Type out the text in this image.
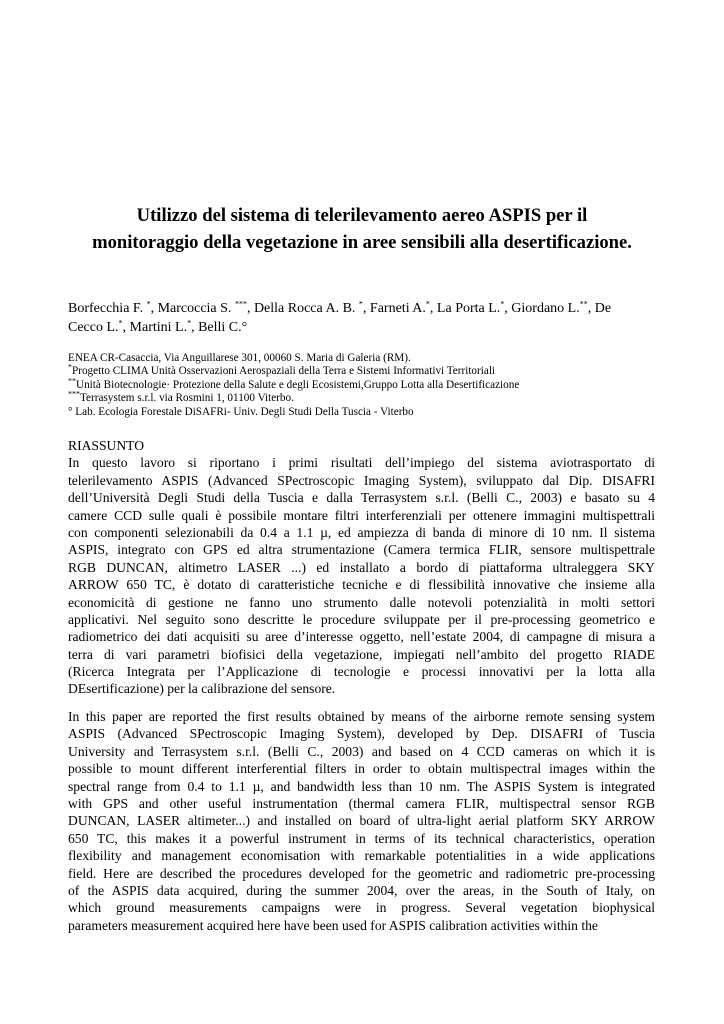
Utilizzo del sistema di telerilevamento aereo ASPIS per il
monitoraggio della vegetazione in aree sensibili alla desertificazione.
Borfecchia F. *, Marcoccia S. ***, Della Rocca A. B. *, Farneti A.*, La Porta L.*, Giordano L.**, De
Cecco L.*, Martini L.*, Belli C.°
ENEA CR-Casaccia, Via Anguillarese 301, 00060 S. Maria di Galeria (RM).
*Progetto CLIMA Unità Osservazioni Aerospaziali della Terra e Sistemi Informativi Territoriali
**Unità Biotecnologie· Protezione della Salute e degli Ecosistemi,Gruppo Lotta alla Desertificazione
***Terrasystem s.r.l. via Rosmini 1, 01100 Viterbo.
° Lab. Ecologia Forestale DiSAFRi- Univ. Degli Studi Della Tuscia - Viterbo
RIASSUNTO
In questo lavoro si riportano i primi risultati dell’impiego del sistema aviotrasportato di
telerilevamento ASPIS (Advanced SPectroscopic Imaging System), sviluppato dal Dip. DISAFRI
dell’Università Degli Studi della Tuscia e dalla Terrasystem s.r.l. (Belli C., 2003) e basato su 4
camere CCD sulle quali è possibile montare filtri interferenziali per ottenere immagini multispettrali
con componenti selezionabili da 0.4 a 1.1 µ, ed ampiezza di banda di minore di 10 nm. Il sistema
ASPIS, integrato con GPS ed altra strumentazione (Camera termica FLIR, sensore multispettrale
RGB DUNCAN, altimetro LASER ...) ed installato a bordo di piattaforma ultraleggera SKY
ARROW 650 TC, è dotato di caratteristiche tecniche e di flessibilità innovative che insieme alla
economicità di gestione ne fanno uno strumento dalle notevoli potenzialità in molti settori
applicativi. Nel seguito sono descritte le procedure sviluppate per il pre-processing geometrico e
radiometrico dei dati acquisiti su aree d’interesse oggetto, nell’estate 2004, di campagne di misura a
terra di vari parametri biofisici della vegetazione, impiegati nell’ambito del progetto RIADE
(Ricerca Integrata per l’Applicazione di tecnologie e processi innovativi per la lotta alla
DEsertificazione) per la calibrazione del sensore.
In this paper are reported the first results obtained by means of the airborne remote sensing system
ASPIS (Advanced SPectroscopic Imaging System), developed by Dep. DISAFRI of Tuscia
University and Terrasystem s.r.l. (Belli C., 2003) and based on 4 CCD cameras on which it is
possible to mount different interferential filters in order to obtain multispectral images within the
spectral range from 0.4 to 1.1 µ, and bandwidth less than 10 nm. The ASPIS System is integrated
with GPS and other useful instrumentation (thermal camera FLIR, multispectral sensor RGB
DUNCAN, LASER altimeter...) and installed on board of ultra-light aerial platform SKY ARROW
650 TC, this makes it a powerful instrument in terms of its technical characteristics, operation
flexibility and management economisation with remarkable potentialities in a wide applications
field. Here are described the procedures developed for the geometric and radiometric pre-processing
of the ASPIS data acquired, during the summer 2004, over the areas, in the South of Italy, on
which ground measurements campaigns were in progress. Several vegetation biophysical
parameters measurement acquired here have been used for ASPIS calibration activities within the
